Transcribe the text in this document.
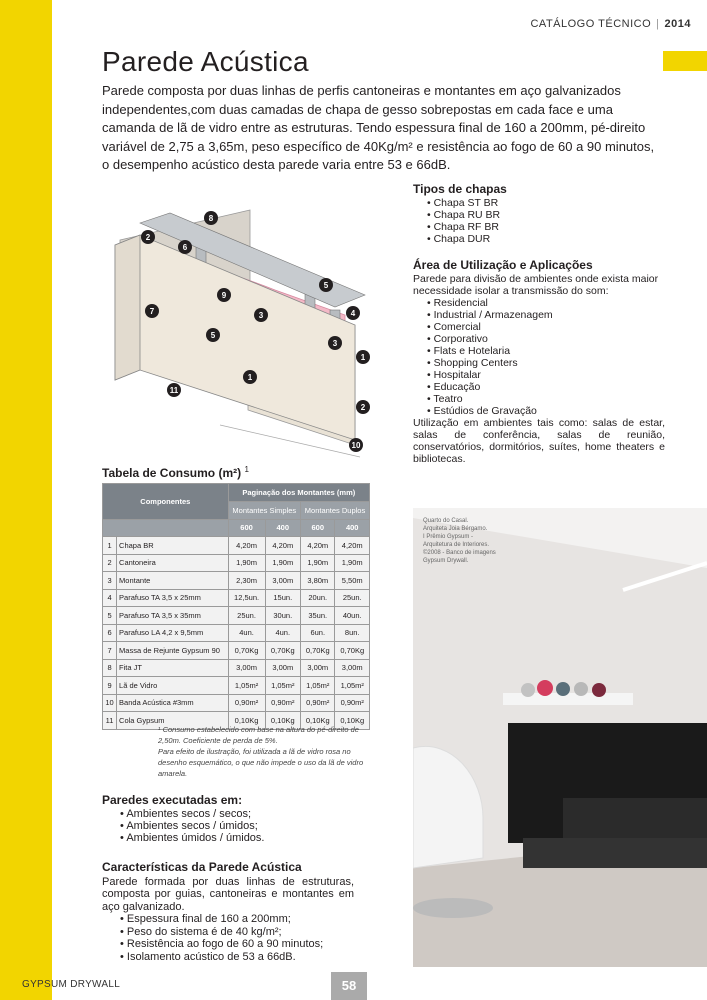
CATÁLOGO TÉCNICO | 2014
Parede Acústica

Parede composta por duas linhas de perfis cantoneiras e montantes em aço galvanizados independentes,com duas camadas de chapa de gesso sobrepostas em cada face e uma camanda de lã de vidro entre as estruturas. Tendo espessura final de 160 a 200mm, pé-direito variável de 2,75 a 3,65m, peso específico de 40Kg/m² e resistência ao fogo de 60 a 90 minutos, o desempenho acústico desta parede varia entre 53 e 66dB.

8
2
6
9
7	3
5
5
4
3
1
1
11
2
10
Tipos de chapas
• Chapa ST BR
• Chapa RU BR
• Chapa RF BR
• Chapa DUR
Área de Utilização e Aplicações

Parede para divisão de ambientes onde exista maior necessidade isolar a transmissão do som:

• Residencial
• Industrial / Armazenagem
• Comercial
• Corporativo
• Flats e Hotelaria
• Shopping Centers
• Hospitalar
• Educação
• Teatro
• Estúdios de Gravação

Utilização em ambientes tais como: salas de estar, salas de conferência, salas de reunião, conservatórios, dormitórios, suítes, home theaters e bibliotecas.

Tabela de Consumo (m²) $^1$
Componentes		Paginação dos Montantes (mm)			
		Montantes Simples		Montantes Duplos	
		600	400	600	400
1	Chapa BR	4,20m	4,20m	4,20m	4,20m
2	Cantoneira	1,90m	1,90m	1,90m	1,90m
3	Montante	2,30m	3,00m	3,80m	5,50m
4	Parafuso TA 3,5 x 25mm	12,5un.	15un.	20un.	25un.
5	Parafuso TA 3,5 x 35mm	25un.	30un.	35un.	40un.
6	Parafuso LA 4,2 x 9,5mm	4un.	4un.	6un.	8un.
7	Massa de Rejunte Gypsum 90	0,70Kg	0,70Kg	0,70Kg	0,70Kg
8	Fita JT	3,00m	3,00m	3,00m	3,00m
9	Lã de Vidro	1,05m²	1,05m²	1,05m²	1,05m²
10	Banda Acústica #3mm	0,90m²	0,90m²	0,90m²	0,90m²
11	Cola Gypsum	0,10Kg	0,10Kg	0,10Kg	0,10Kg

¹ Consumo estabelecido com base na altura do pé-direito de 2,50m. Coeficiente de perda de 5%.

Para efeito de ilustração, foi utilizada a lã de vidro rosa no desenho esquemático, o que não impede o uso da lã de vidro amarela.

Paredes executadas em:
• Ambientes secos / secos;
• Ambientes secos / úmidos;
• Ambientes úmidos / úmidos.
Características da Parede Acústica

Parede formada por duas linhas de estruturas, composta por guias, cantoneiras e montantes em aço galvanizado.

• Espessura final de 160 a 200mm;
• Peso do sistema é de 40 kg/m²;
• Resistência ao fogo de 60 a 90 minutos;
• Isolamento acústico de 53 a 66dB.
Quarto do Casal.
Arquiteta Joia Bérgamo.
I Prêmio Gypsum -
Arquitetura de Interiores.
©2008 - Banco de imagens
Gypsum Drywall.
GYPSUM DRYWALL	58
